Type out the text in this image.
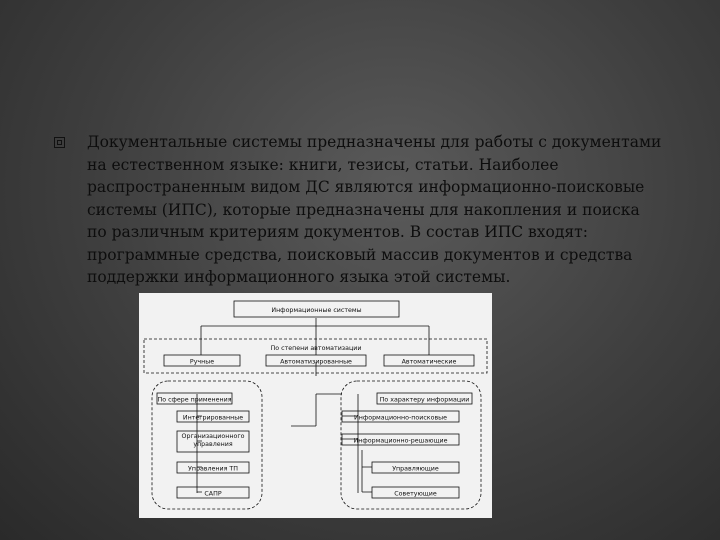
Документальные системы предназначены для работы с документами на естественном языке: книги, тезисы, статьи. Наиболее распространенным видом ДС являются информационно-поисковые системы (ИПС), которые предназначены для накопления и поиска по различным критериям документов. В состав ИПС входят: программные средства, поисковый массив документов и средства поддержки информационного языка этой системы.

Информационные системы
По степени автоматизации
Ручные	Автоматизированные	Автоматические
По сфере применения
Интегрированные
Организационного управления
Управления ТП
САПР
По характеру информации
Информационно-поисковые
Информационно-решающие
Управляющие
Советующие
